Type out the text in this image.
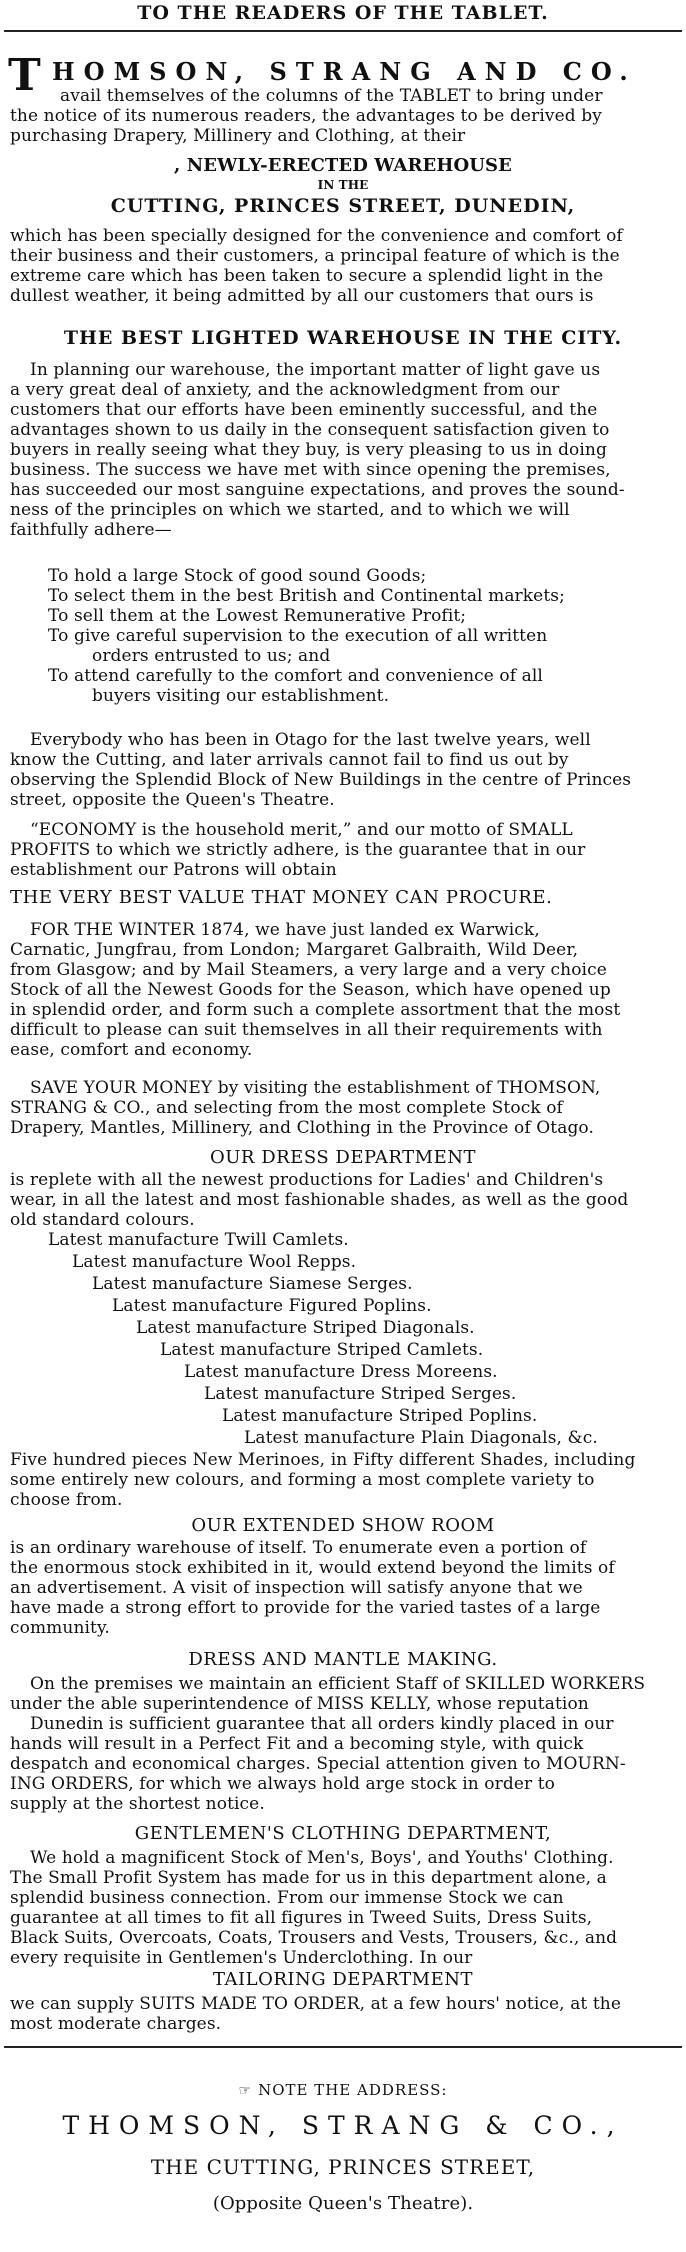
TO THE READERS OF THE TABLET.
T HOMSON, STRANG AND CO.
avail themselves of the columns of the TABLET to bring under
the notice of its numerous readers, the advantages to be derived by
purchasing Drapery, Millinery and Clothing, at their
, NEWLY-ERECTED WAREHOUSE
IN THE
CUTTING, PRINCES STREET, DUNEDIN,
which has been specially designed for the convenience and comfort of
their business and their customers, a principal feature of which is the
extreme care which has been taken to secure a splendid light in the
dullest weather, it being admitted by all our customers that ours is
THE BEST LIGHTED WAREHOUSE IN THE CITY.
In planning our warehouse, the important matter of light gave us
a very great deal of anxiety, and the acknowledgment from our
customers that our efforts have been eminently successful, and the
advantages shown to us daily in the consequent satisfaction given to
buyers in really seeing what they buy, is very pleasing to us in doing
business. The success we have met with since opening the premises,
has succeeded our most sanguine expectations, and proves the sound-
ness of the principles on which we started, and to which we will
faithfully adhere—
To hold a large Stock of good sound Goods;
To select them in the best British and Continental markets;
To sell them at the Lowest Remunerative Profit;
To give careful supervision to the execution of all written
orders entrusted to us; and
To attend carefully to the comfort and convenience of all
buyers visiting our establishment.
Everybody who has been in Otago for the last twelve years, well
know the Cutting, and later arrivals cannot fail to find us out by
observing the Splendid Block of New Buildings in the centre of Princes
street, opposite the Queen's Theatre.
“ECONOMY is the household merit,” and our motto of SMALL
PROFITS to which we strictly adhere, is the guarantee that in our
establishment our Patrons will obtain
THE VERY BEST VALUE THAT MONEY CAN PROCURE.
FOR THE WINTER 1874, we have just landed ex Warwick,
Carnatic, Jungfrau, from London; Margaret Galbraith, Wild Deer,
from Glasgow; and by Mail Steamers, a very large and a very choice
Stock of all the Newest Goods for the Season, which have opened up
in splendid order, and form such a complete assortment that the most
difficult to please can suit themselves in all their requirements with
ease, comfort and economy.
SAVE YOUR MONEY by visiting the establishment of THOMSON,
STRANG & CO., and selecting from the most complete Stock of
Drapery, Mantles, Millinery, and Clothing in the Province of Otago.
OUR DRESS DEPARTMENT
is replete with all the newest productions for Ladies' and Children's
wear, in all the latest and most fashionable shades, as well as the good
old standard colours.
Latest manufacture Twill Camlets.
Latest manufacture Wool Repps.
Latest manufacture Siamese Serges.
Latest manufacture Figured Poplins.
Latest manufacture Striped Diagonals.
Latest manufacture Striped Camlets.
Latest manufacture Dress Moreens.
Latest manufacture Striped Serges.
Latest manufacture Striped Poplins.
Latest manufacture Plain Diagonals, &c.
Five hundred pieces New Merinoes, in Fifty different Shades, including
some entirely new colours, and forming a most complete variety to
choose from.
OUR EXTENDED SHOW ROOM
is an ordinary warehouse of itself. To enumerate even a portion of
the enormous stock exhibited in it, would extend beyond the limits of
an advertisement. A visit of inspection will satisfy anyone that we
have made a strong effort to provide for the varied tastes of a large
community.
DRESS AND MANTLE MAKING.
On the premises we maintain an efficient Staff of SKILLED WORKERS
under the able superintendence of MISS KELLY, whose reputation
Dunedin is sufficient guarantee that all orders kindly placed in our
hands will result in a Perfect Fit and a becoming style, with quick
despatch and economical charges. Special attention given to MOURN-
ING ORDERS, for which we always hold arge stock in order to
supply at the shortest notice.
GENTLEMEN'S CLOTHING DEPARTMENT,
We hold a magnificent Stock of Men's, Boys', and Youths' Clothing.
The Small Profit System has made for us in this department alone, a
splendid business connection. From our immense Stock we can
guarantee at all times to fit all figures in Tweed Suits, Dress Suits,
Black Suits, Overcoats, Coats, Trousers and Vests, Trousers, &c., and
every requisite in Gentlemen's Underclothing. In our
TAILORING DEPARTMENT
we can supply SUITS MADE TO ORDER, at a few hours' notice, at the
most moderate charges.
☞ NOTE THE ADDRESS:
THOMSON, STRANG & CO.,
THE CUTTING, PRINCES STREET,
(Opposite Queen's Theatre).
